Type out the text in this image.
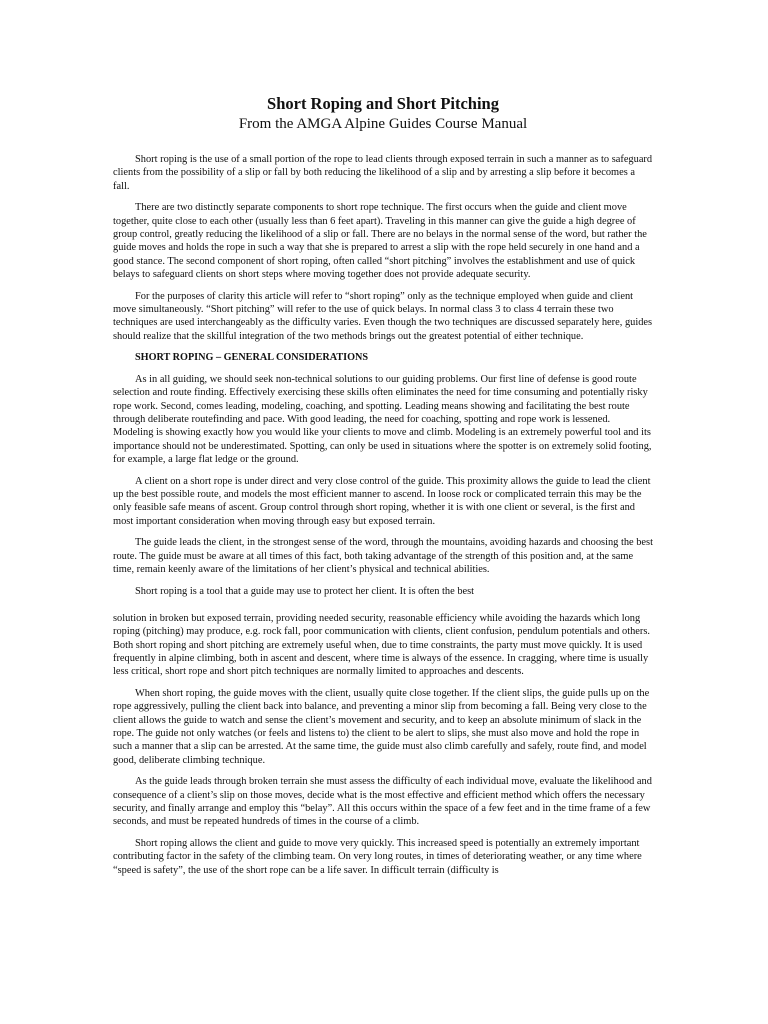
Short Roping and Short Pitching
From the AMGA Alpine Guides Course Manual

Short roping is the use of a small portion of the rope to lead clients through exposed terrain in such a manner as to safeguard clients from the possibility of a slip or fall by both reducing the likelihood of a slip and by arresting a slip before it becomes a fall.

There are two distinctly separate components to short rope technique. The first occurs when the guide and client move together, quite close to each other (usually less than 6 feet apart). Traveling in this manner can give the guide a high degree of group control, greatly reducing the likelihood of a slip or fall. There are no belays in the normal sense of the word, but rather the guide moves and holds the rope in such a way that she is prepared to arrest a slip with the rope held securely in one hand and a good stance. The second component of short roping, often called “short pitching” involves the establishment and use of quick belays to safeguard clients on short steps where moving together does not provide adequate security.

For the purposes of clarity this article will refer to “short roping” only as the technique employed when guide and client move simultaneously. “Short pitching” will refer to the use of quick belays. In normal class 3 to class 4 terrain these two techniques are used interchangeably as the difficulty varies. Even though the two techniques are discussed separately here, guides should realize that the skillful integration of the two methods brings out the greatest potential of either technique.

SHORT ROPING – GENERAL CONSIDERATIONS

As in all guiding, we should seek non-technical solutions to our guiding problems. Our first line of defense is good route selection and route finding. Effectively exercising these skills often eliminates the need for time consuming and potentially risky rope work. Second, comes leading, modeling, coaching, and spotting. Leading means showing and facilitating the best route through deliberate routefinding and pace. With good leading, the need for coaching, spotting and rope work is lessened. Modeling is showing exactly how you would like your clients to move and climb. Modeling is an extremely powerful tool and its importance should not be underestimated. Spotting, can only be used in situations where the spotter is on extremely solid footing, for example, a large flat ledge or the ground.

A client on a short rope is under direct and very close control of the guide. This proximity allows the guide to lead the client up the best possible route, and models the most efficient manner to ascend. In loose rock or complicated terrain this may be the only feasible safe means of ascent. Group control through short roping, whether it is with one client or several, is the first and most important consideration when moving through easy but exposed terrain.

The guide leads the client, in the strongest sense of the word, through the mountains, avoiding hazards and choosing the best route. The guide must be aware at all times of this fact, both taking advantage of the strength of this position and, at the same time, remain keenly aware of the limitations of her client’s physical and technical abilities.

Short roping is a tool that a guide may use to protect her client. It is often the best

solution in broken but exposed terrain, providing needed security, reasonable efficiency while avoiding the hazards which long roping (pitching) may produce, e.g. rock fall, poor communication with clients, client confusion, pendulum potentials and others. Both short roping and short pitching are extremely useful when, due to time constraints, the party must move quickly. It is used frequently in alpine climbing, both in ascent and descent, where time is always of the essence. In cragging, where time is usually less critical, short rope and short pitch techniques are normally limited to approaches and descents.

When short roping, the guide moves with the client, usually quite close together. If the client slips, the guide pulls up on the rope aggressively, pulling the client back into balance, and preventing a minor slip from becoming a fall. Being very close to the client allows the guide to watch and sense the client’s movement and security, and to keep an absolute minimum of slack in the rope. The guide not only watches (or feels and listens to) the client to be alert to slips, she must also move and hold the rope in such a manner that a slip can be arrested. At the same time, the guide must also climb carefully and safely, route find, and model good, deliberate climbing technique.

As the guide leads through broken terrain she must assess the difficulty of each individual move, evaluate the likelihood and consequence of a client’s slip on those moves, decide what is the most effective and efficient method which offers the necessary security, and finally arrange and employ this “belay”. All this occurs within the space of a few feet and in the time frame of a few seconds, and must be repeated hundreds of times in the course of a climb.

Short roping allows the client and guide to move very quickly. This increased speed is potentially an extremely important contributing factor in the safety of the climbing team. On very long routes, in times of deteriorating weather, or any time where “speed is safety”, the use of the short rope can be a life saver. In difficult terrain (difficulty is
